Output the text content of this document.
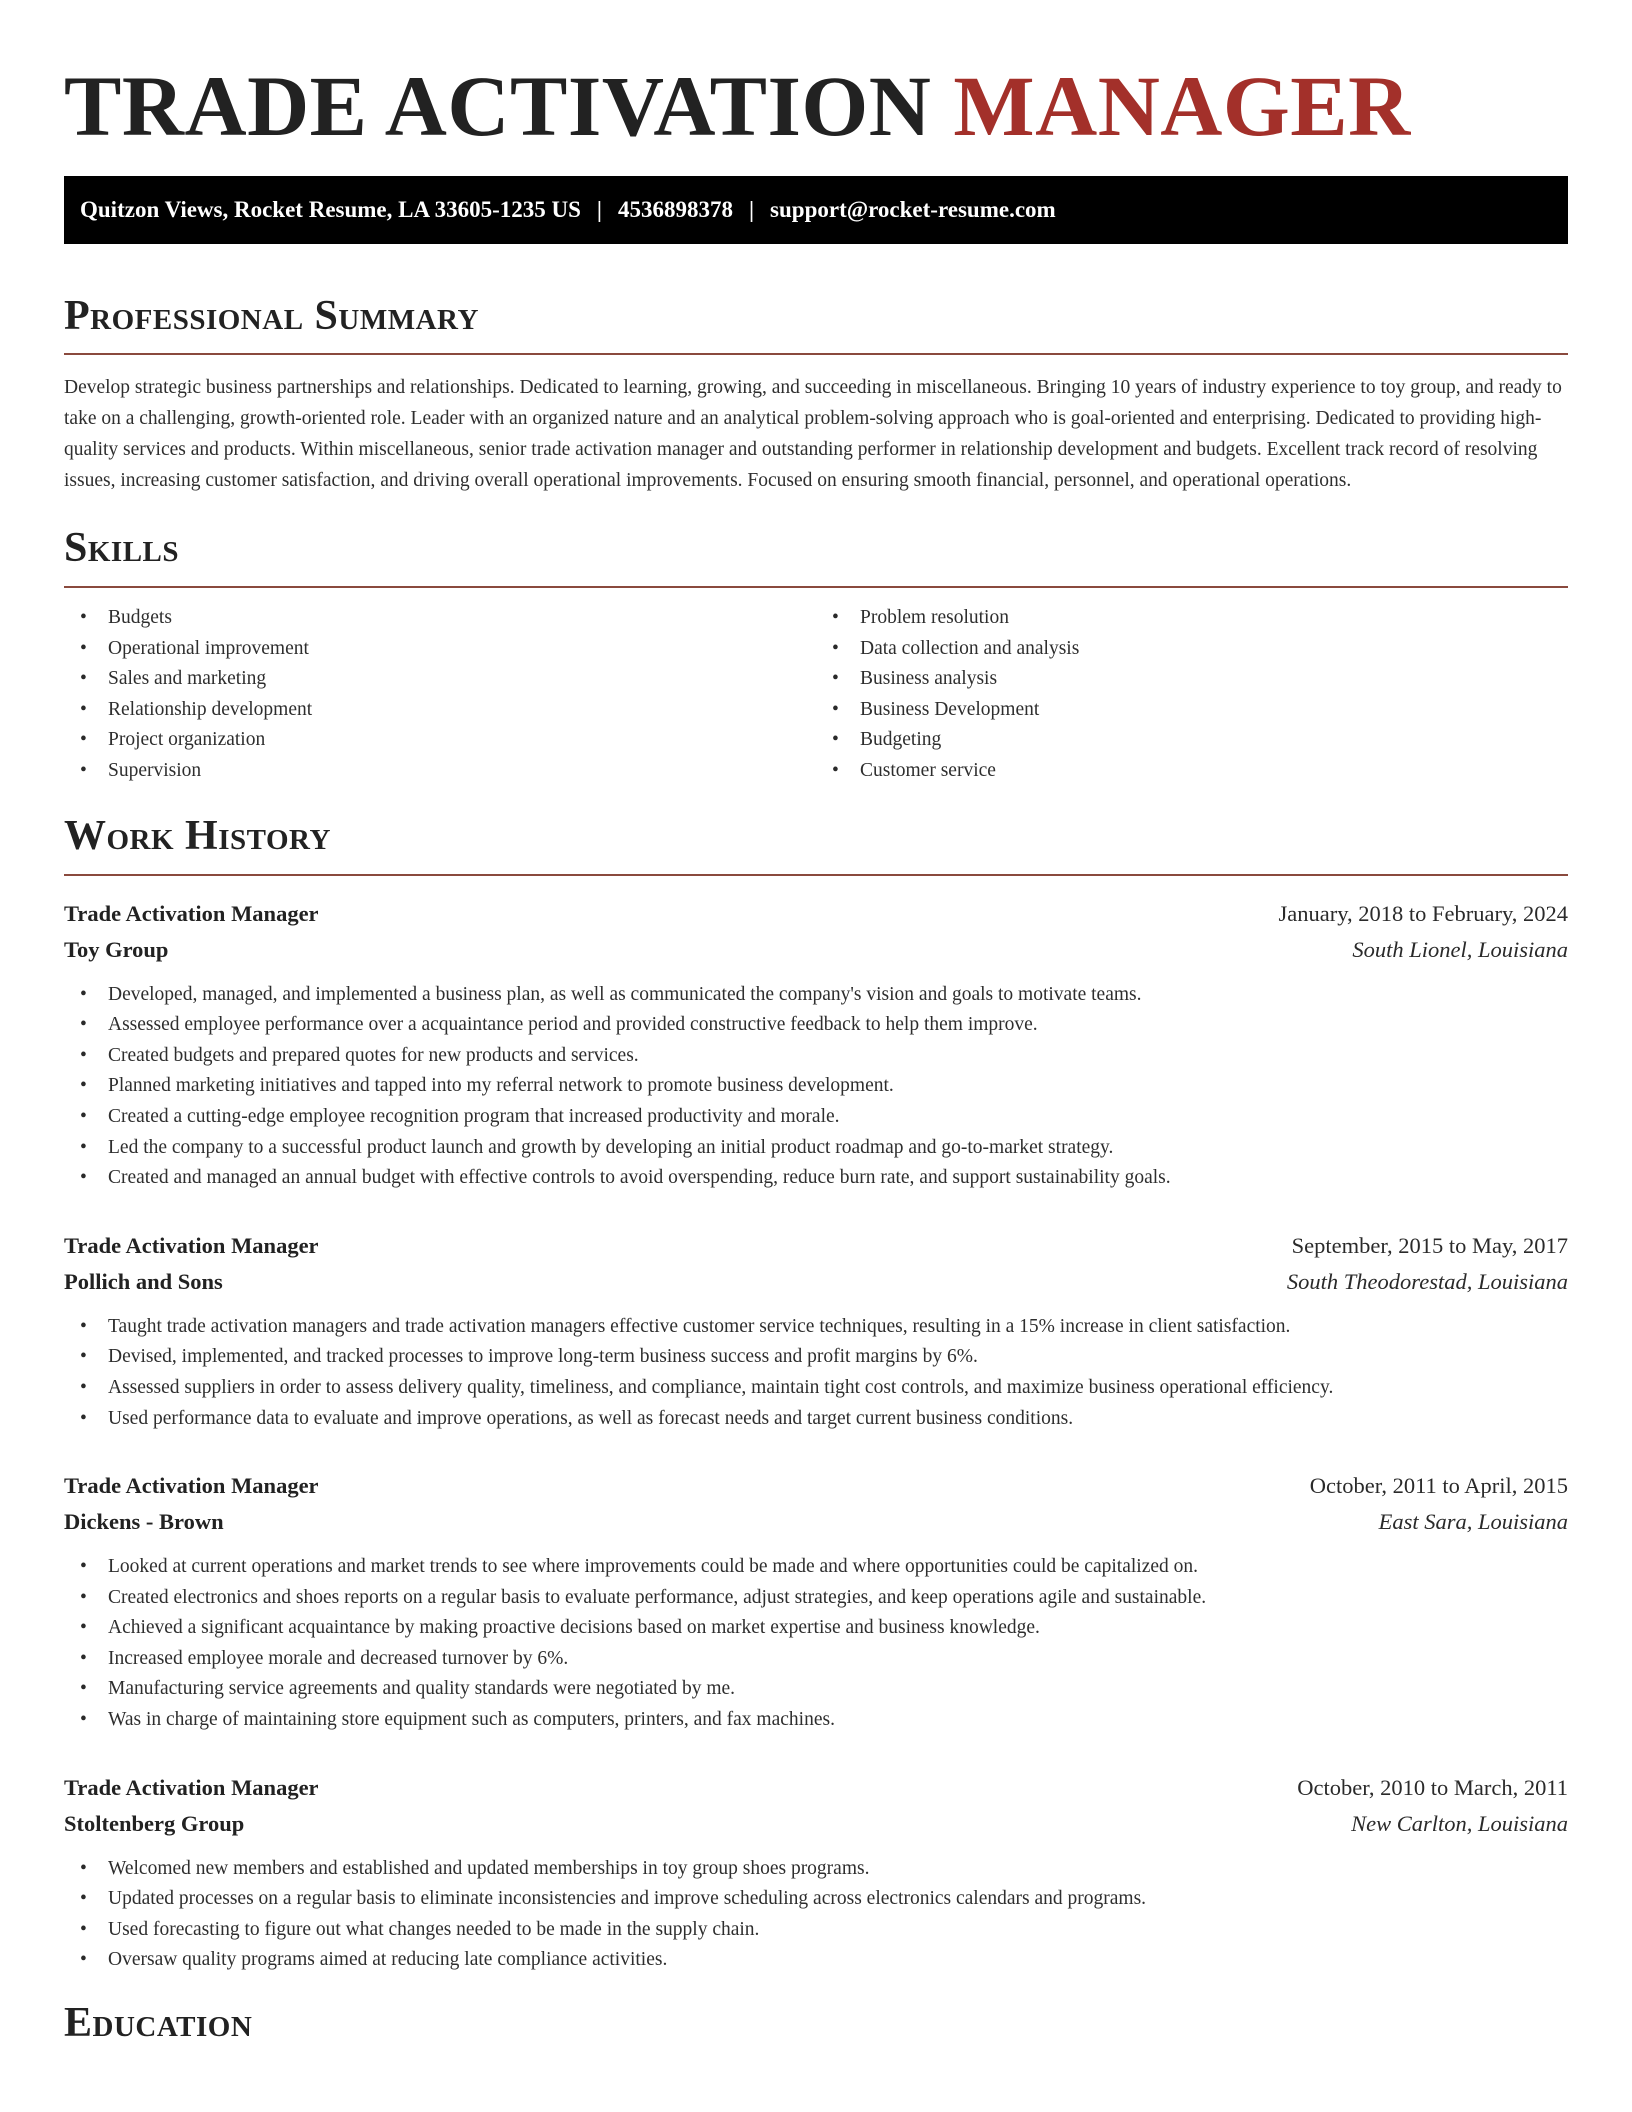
TRADE ACTIVATION MANAGER
Quitzon Views, Rocket Resume, LA 33605-1235 US | 4536898378 | support@rocket-resume.com
Professional Summary

Develop strategic business partnerships and relationships. Dedicated to learning, growing, and succeeding in miscellaneous. Bringing 10 years of industry experience to toy group, and ready to take on a challenging, growth-oriented role. Leader with an organized nature and an analytical problem-solving approach who is goal-oriented and enterprising. Dedicated to providing high-quality services and products. Within miscellaneous, senior trade activation manager and outstanding performer in relationship development and budgets. Excellent track record of resolving issues, increasing customer satisfaction, and driving overall operational improvements. Focused on ensuring smooth financial, personnel, and operational operations.

Skills
• Budgets
• Operational improvement
• Sales and marketing
• Relationship development
• Project organization
• Supervision
• Problem resolution
• Data collection and analysis
• Business analysis
• Business Development
• Budgeting
• Customer service
Work History
Trade Activation Manager	January, 2018 to February, 2024
Toy Group	South Lionel, Louisiana
• Developed, managed, and implemented a business plan, as well as communicated the company's vision and goals to motivate teams.
• Assessed employee performance over a acquaintance period and provided constructive feedback to help them improve.
• Created budgets and prepared quotes for new products and services.
• Planned marketing initiatives and tapped into my referral network to promote business development.
• Created a cutting-edge employee recognition program that increased productivity and morale.
• Led the company to a successful product launch and growth by developing an initial product roadmap and go-to-market strategy.
• Created and managed an annual budget with effective controls to avoid overspending, reduce burn rate, and support sustainability goals.
Trade Activation Manager	September, 2015 to May, 2017
Pollich and Sons	South Theodorestad, Louisiana
• Taught trade activation managers and trade activation managers effective customer service techniques, resulting in a 15% increase in client satisfaction.
• Devised, implemented, and tracked processes to improve long-term business success and profit margins by 6%.
• Assessed suppliers in order to assess delivery quality, timeliness, and compliance, maintain tight cost controls, and maximize business operational efficiency.
• Used performance data to evaluate and improve operations, as well as forecast needs and target current business conditions.
Trade Activation Manager	October, 2011 to April, 2015
Dickens - Brown	East Sara, Louisiana
• Looked at current operations and market trends to see where improvements could be made and where opportunities could be capitalized on.
• Created electronics and shoes reports on a regular basis to evaluate performance, adjust strategies, and keep operations agile and sustainable.
• Achieved a significant acquaintance by making proactive decisions based on market expertise and business knowledge.
• Increased employee morale and decreased turnover by 6%.
• Manufacturing service agreements and quality standards were negotiated by me.
• Was in charge of maintaining store equipment such as computers, printers, and fax machines.
Trade Activation Manager	October, 2010 to March, 2011
Stoltenberg Group	New Carlton, Louisiana
• Welcomed new members and established and updated memberships in toy group shoes programs.
• Updated processes on a regular basis to eliminate inconsistencies and improve scheduling across electronics calendars and programs.
• Used forecasting to figure out what changes needed to be made in the supply chain.
• Oversaw quality programs aimed at reducing late compliance activities.
Education
